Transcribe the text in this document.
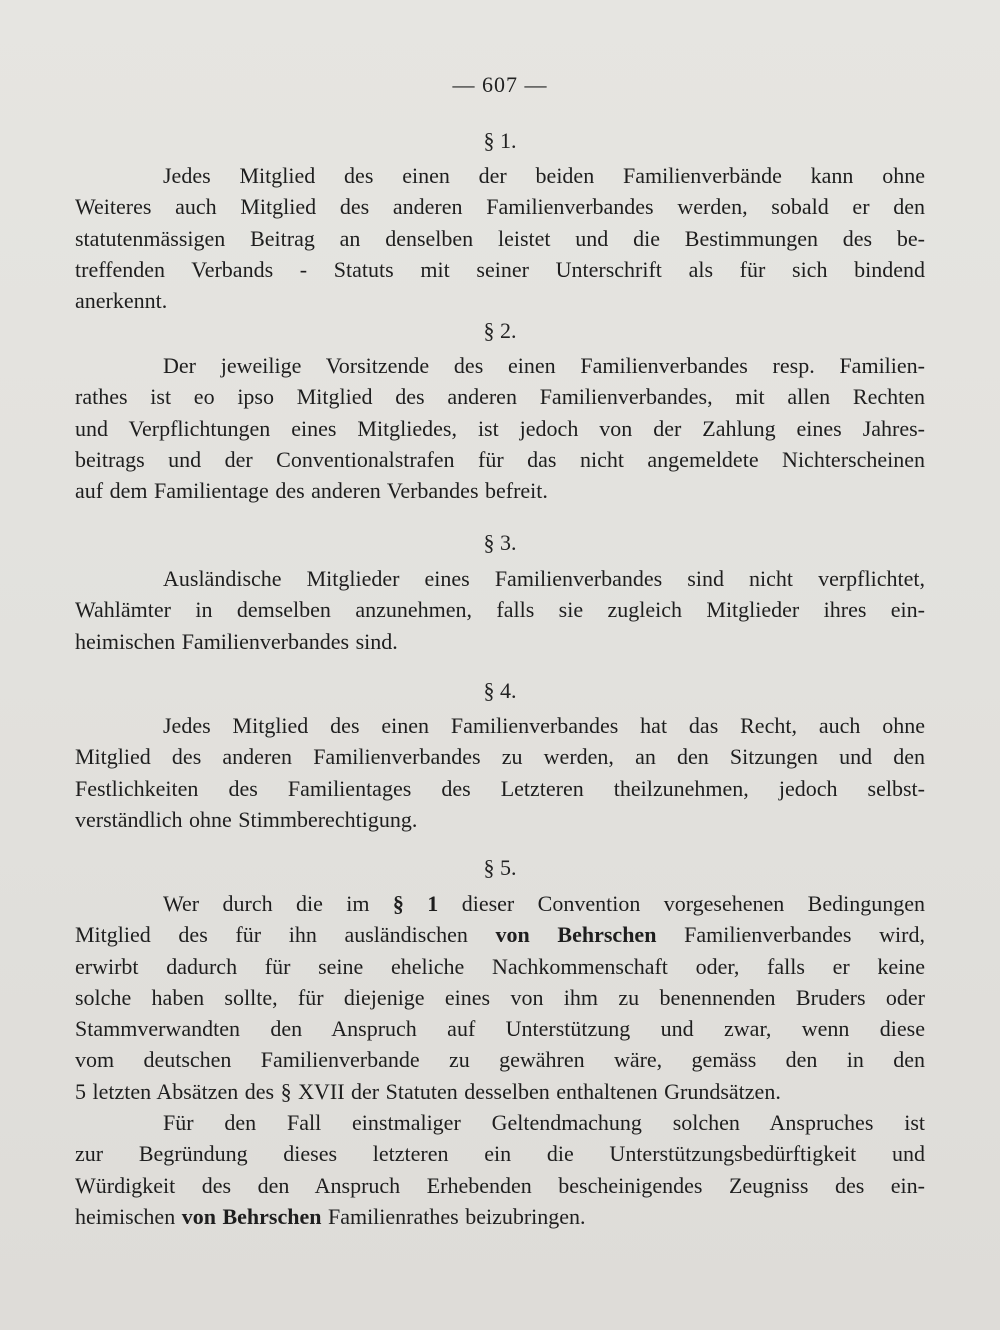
— 607 —
§ 1.
Jedes Mitglied des einen der beiden Familienverbände kann ohne
Weiteres auch Mitglied des anderen Familienverbandes werden, sobald er den
statutenmässigen Beitrag an denselben leistet und die Bestimmungen des be-
treffenden Verbands - Statuts mit seiner Unterschrift als für sich bindend
anerkennt.
§ 2.
Der jeweilige Vorsitzende des einen Familienverbandes resp. Familien-
rathes ist eo ipso Mitglied des anderen Familienverbandes, mit allen Rechten
und Verpflichtungen eines Mitgliedes, ist jedoch von der Zahlung eines Jahres-
beitrags und der Conventionalstrafen für das nicht angemeldete Nichterscheinen
auf dem Familientage des anderen Verbandes befreit.
§ 3.
Ausländische Mitglieder eines Familienverbandes sind nicht verpflichtet,
Wahlämter in demselben anzunehmen, falls sie zugleich Mitglieder ihres ein-
heimischen Familienverbandes sind.
§ 4.
Jedes Mitglied des einen Familienverbandes hat das Recht, auch ohne
Mitglied des anderen Familienverbandes zu werden, an den Sitzungen und den
Festlichkeiten des Familientages des Letzteren theilzunehmen, jedoch selbst-
verständlich ohne Stimmberechtigung.
§ 5.
Wer durch die im § 1 dieser Convention vorgesehenen Bedingungen
Mitglied des für ihn ausländischen von Behrschen Familienverbandes wird,
erwirbt dadurch für seine eheliche Nachkommenschaft oder, falls er keine
solche haben sollte, für diejenige eines von ihm zu benennenden Bruders oder
Stammverwandten den Anspruch auf Unterstützung und zwar, wenn diese
vom deutschen Familienverbande zu gewähren wäre, gemäss den in den
5 letzten Absätzen des § XVII der Statuten desselben enthaltenen Grundsätzen.
Für den Fall einstmaliger Geltendmachung solchen Anspruches ist
zur Begründung dieses letzteren ein die Unterstützungsbedürftigkeit und
Würdigkeit des den Anspruch Erhebenden bescheinigendes Zeugniss des ein-
heimischen von Behrschen Familienrathes beizubringen.
